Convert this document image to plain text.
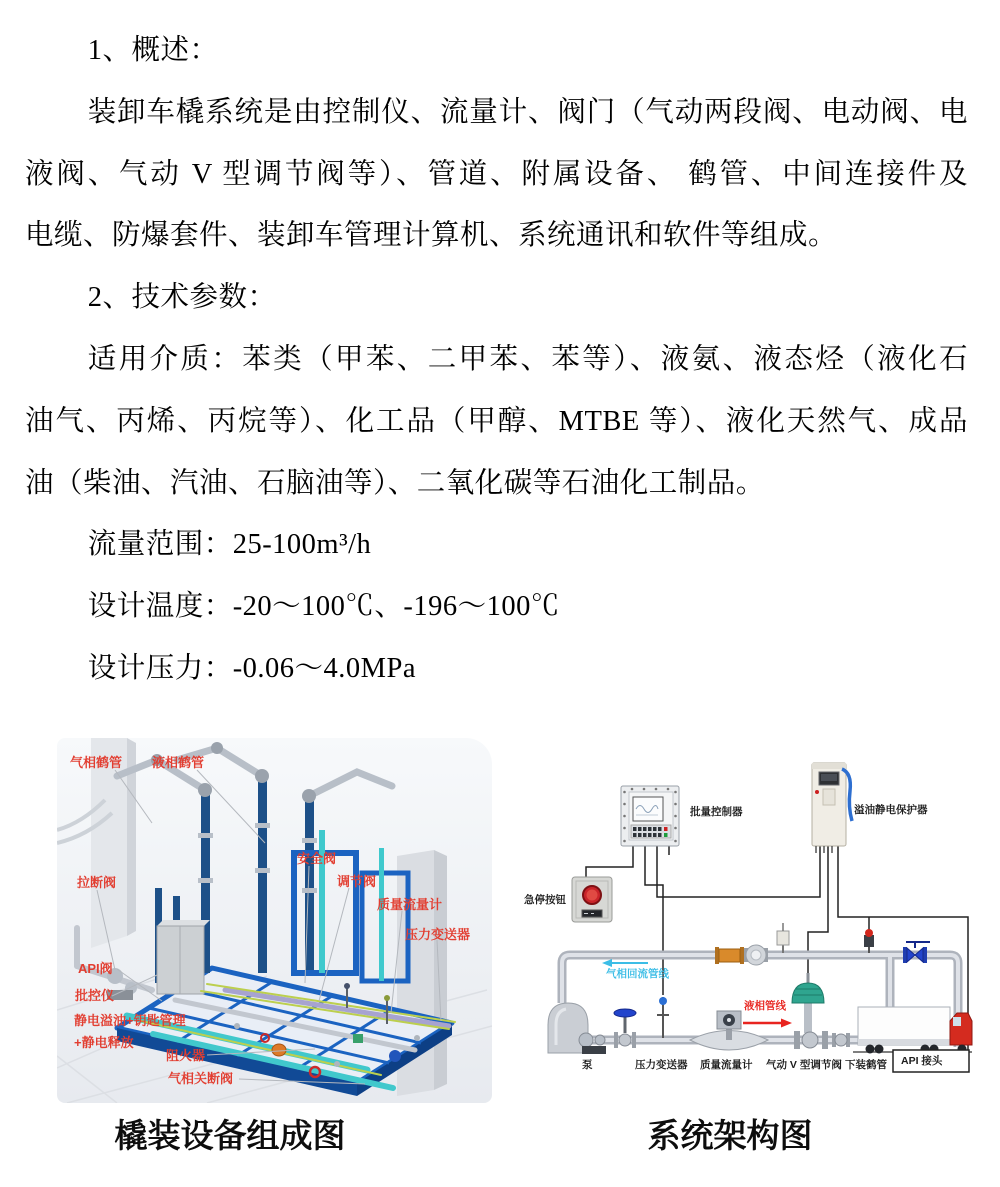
1、概述：
装卸车橇系统是由控制仪、流量计、阀门（气动两段阀、电动阀、电
液阀、气动 V 型调节阀等）、管道、附属设备、 鹤管、中间连接件及
电缆、防爆套件、装卸车管理计算机、系统通讯和软件等组成。
2、技术参数：
适用介质：苯类（甲苯、二甲苯、苯等）、液氨、液态烃（液化石
油气、丙烯、丙烷等）、化工品（甲醇、MTBE 等）、液化天然气、成品
油（柴油、汽油、石脑油等）、二氧化碳等石油化工制品。
流量范围：25-100m³/h
设计温度：-20～100℃、-196～100℃
设计压力：-0.06～4.0MPa
气相鹤管 液相鹤管
拉断阀
安全阀
调节阀
质量流量计
压力变送器
API阀
批控仪
静电溢油+钥匙管理
+静电释放
阻火器
气相关断阀
批量控制器	溢油静电保护器
急停按钮
气相回流管线
液相管线
泵	压力变送器 质量流量计 气动 V 型调节阀 下装鹤管 API 接头
橇装设备组成图	系统架构图
